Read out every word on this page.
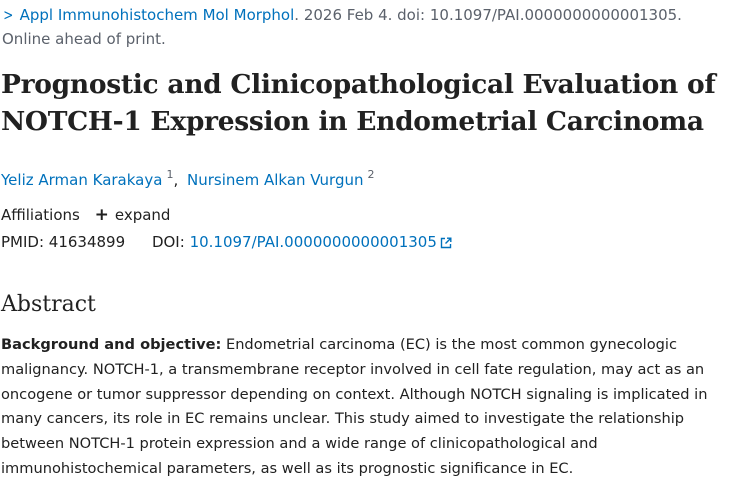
> Appl Immunohistochem Mol Morphol. 2026 Feb 4. doi: 10.1097/PAI.0000000000001305.
Online ahead of print.
Prognostic and Clinicopathological Evaluation of NOTCH-1 Expression in Endometrial Carcinoma
Yeliz Arman Karakaya $^1$, Nursinem Alkan Vurgun $^2$
Affiliations + expand
PMID: 41634899 DOI: 10.1097/PAI.0000000000001305
Abstract

Background and objective: Endometrial carcinoma (EC) is the most common gynecologic malignancy. NOTCH-1, a transmembrane receptor involved in cell fate regulation, may act as an oncogene or tumor suppressor depending on context. Although NOTCH signaling is implicated in many cancers, its role in EC remains unclear. This study aimed to investigate the relationship between NOTCH-1 protein expression and a wide range of clinicopathological and immunohistochemical parameters, as well as its prognostic significance in EC.
